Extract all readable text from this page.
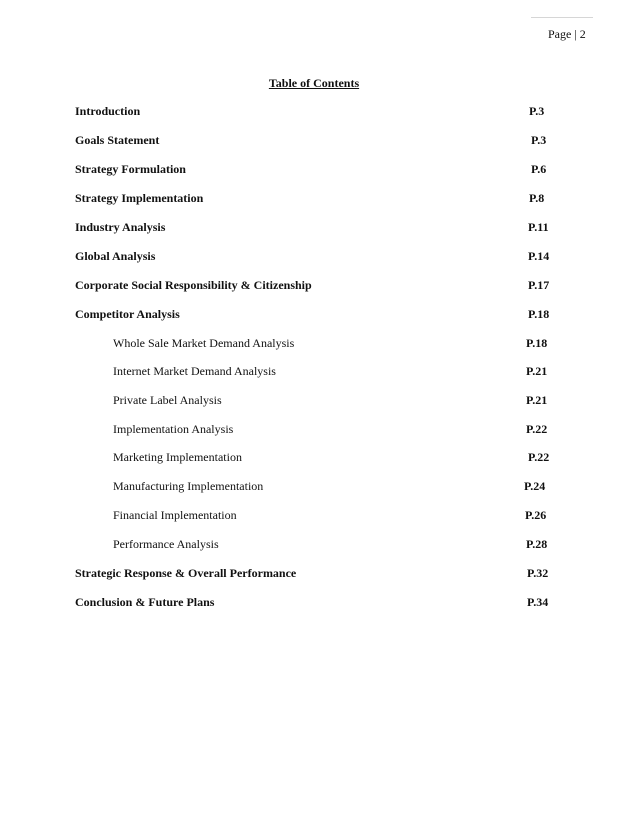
Page | 2
Table of Contents
Introduction	P.3
Goals Statement	P.3
Strategy Formulation	P.6
Strategy Implementation	P.8
Industry Analysis	P.11
Global Analysis	P.14
Corporate Social Responsibility & Citizenship	P.17
Competitor Analysis	P.18
Whole Sale Market Demand Analysis	P.18
Internet Market Demand Analysis	P.21
Private Label Analysis	P.21
Implementation Analysis	P.22
Marketing Implementation	P.22
Manufacturing Implementation	P.24
Financial Implementation	P.26
Performance Analysis	P.28
Strategic Response & Overall Performance	P.32
Conclusion & Future Plans	P.34
